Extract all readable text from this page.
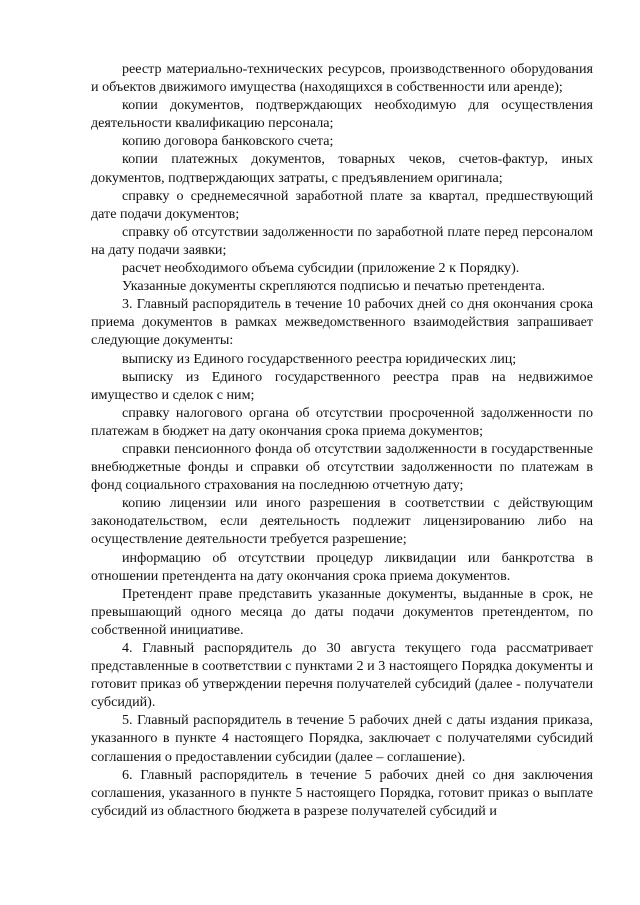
реестр материально-технических ресурсов, производственного оборудования и объектов движимого имущества (находящихся в собственности или аренде);

копии документов, подтверждающих необходимую для осуществления деятельности квалификацию персонала;

копию договора банковского счета;

копии платежных документов, товарных чеков, счетов-фактур, иных документов, подтверждающих затраты, с предъявлением оригинала;

справку о среднемесячной заработной плате за квартал, предшествующий дате подачи документов;

справку об отсутствии задолженности по заработной плате перед персоналом на дату подачи заявки;

расчет необходимого объема субсидии (приложение 2 к Порядку).

Указанные документы скрепляются подписью и печатью претендента.

3. Главный распорядитель в течение 10 рабочих дней со дня окончания срока приема документов в рамках межведомственного взаимодействия запрашивает следующие документы:

выписку из Единого государственного реестра юридических лиц;

выписку из Единого государственного реестра прав на недвижимое имущество и сделок с ним;

справку налогового органа об отсутствии просроченной задолженности по платежам в бюджет на дату окончания срока приема документов;

справки пенсионного фонда об отсутствии задолженности в государственные внебюджетные фонды и справки об отсутствии задолженности по платежам в фонд социального страхования на последнюю отчетную дату;

копию лицензии или иного разрешения в соответствии с действующим законодательством, если деятельность подлежит лицензированию либо на осуществление деятельности требуется разрешение;

информацию об отсутствии процедур ликвидации или банкротства в отношении претендента на дату окончания срока приема документов.

Претендент праве представить указанные документы, выданные в срок, не превышающий одного месяца до даты подачи документов претендентом, по собственной инициативе.

4. Главный распорядитель до 30 августа текущего года рассматривает представленные в соответствии с пунктами 2 и 3 настоящего Порядка документы и готовит приказ об утверждении перечня получателей субсидий (далее - получатели субсидий).

5. Главный распорядитель в течение 5 рабочих дней с даты издания приказа, указанного в пункте 4 настоящего Порядка, заключает с получателями субсидий соглашения о предоставлении субсидии (далее – соглашение).

6. Главный распорядитель в течение 5 рабочих дней со дня заключения соглашения, указанного в пункте 5 настоящего Порядка, готовит приказ о выплате субсидий из областного бюджета в разрезе получателей субсидий и
